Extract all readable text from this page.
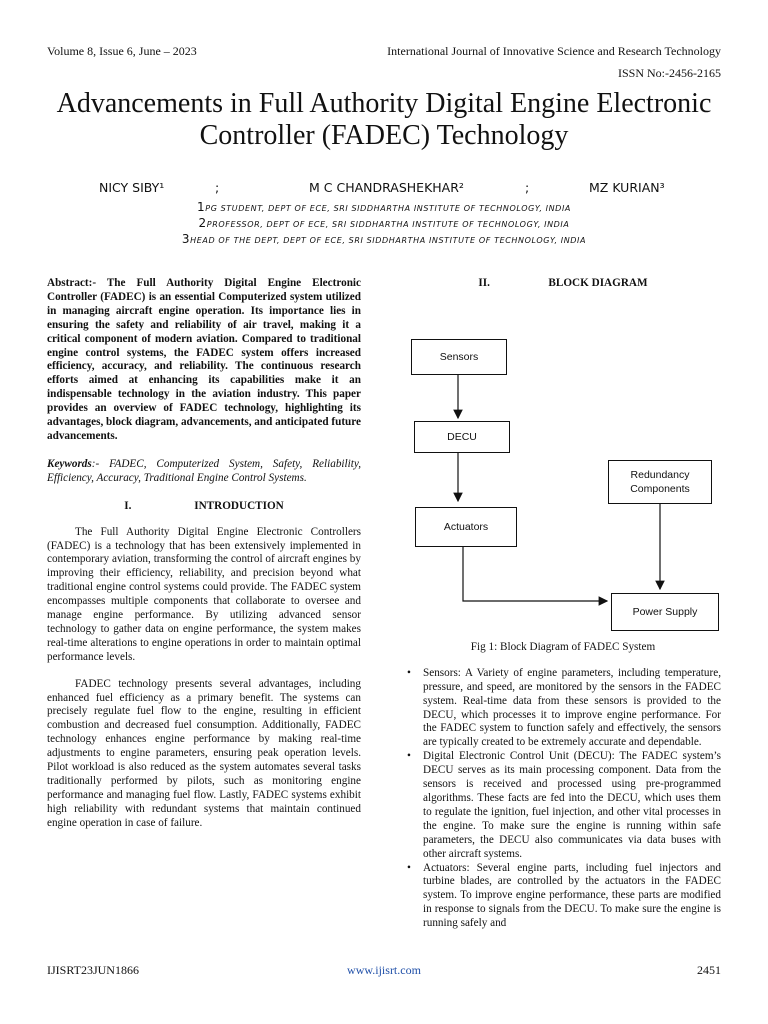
Volume 8, Issue 6, June – 2023	International Journal of Innovative Science and Research Technology
ISSN No:-2456-2165
Advancements in Full Authority Digital Engine Electronic Controller (FADEC) Technology
NICY SIBY¹	;	M C CHANDRASHEKHAR²	;	MZ KURIAN³
1PG STUDENT, DEPT OF ECE, SRI SIDDHARTHA INSTITUTE OF TECHNOLOGY, INDIA
2PROFESSOR, DEPT OF ECE, SRI SIDDHARTHA INSTITUTE OF TECHNOLOGY, INDIA
3HEAD OF THE DEPT, DEPT OF ECE, SRI SIDDHARTHA INSTITUTE OF TECHNOLOGY, INDIA

Abstract:- The Full Authority Digital Engine Electronic Controller (FADEC) is an essential Computerized system utilized in managing aircraft engine operation. Its importance lies in ensuring the safety and reliability of air travel, making it a critical component of modern aviation. Compared to traditional engine control systems, the FADEC system offers increased efficiency, accuracy, and reliability. The continuous research efforts aimed at enhancing its capabilities make it an indispensable technology in the aviation industry. This paper provides an overview of FADEC technology, highlighting its advantages, block diagram, advancements, and anticipated future advancements.

Keywords:- FADEC, Computerized System, Safety, Reliability, Efficiency, Accuracy, Traditional Engine Control Systems.

I.	INTRODUCTION

The Full Authority Digital Engine Electronic Controllers (FADEC) is a technology that has been extensively implemented in contemporary aviation, transforming the control of aircraft engines by improving their efficiency, reliability, and precision beyond what traditional engine control systems could provide. The FADEC system encompasses multiple components that collaborate to oversee and manage engine performance. By utilizing advanced sensor technology to gather data on engine performance, the system makes real-time alterations to engine operations in order to maintain optimal performance levels.

FADEC technology presents several advantages, including enhanced fuel efficiency as a primary benefit. The systems can precisely regulate fuel flow to the engine, resulting in efficient combustion and decreased fuel consumption. Additionally, FADEC technology enhances engine performance by making real-time adjustments to engine parameters, ensuring peak operation levels. Pilot workload is also reduced as the system automates several tasks traditionally performed by pilots, such as monitoring engine performance and managing fuel flow. Lastly, FADEC systems exhibit high reliability with redundant systems that maintain continued engine operation in case of failure.

II.	BLOCK DIAGRAM
Sensors
DECU
Actuators
Redundancy
Components
Power Supply
Fig 1: Block Diagram of FADEC System
• Sensors: A Variety of engine parameters, including temperature, pressure, and speed, are monitored by the sensors in the FADEC system. Real-time data from these sensors is provided to the DECU, which processes it to improve engine performance. For the FADEC system to function safely and effectively, the sensors are typically created to be extremely accurate and dependable.
• Digital Electronic Control Unit (DECU): The FADEC system’s DECU serves as its main processing component. Data from the sensors is received and processed using pre-programmed algorithms. These facts are fed into the DECU, which uses them to regulate the ignition, fuel injection, and other vital processes in the engine. To make sure the engine is running within safe parameters, the DECU also communicates via data buses with other aircraft systems.
• Actuators: Several engine parts, including fuel injectors and turbine blades, are controlled by the actuators in the FADEC system. To improve engine performance, these parts are modified in response to signals from the DECU. To make sure the engine is running safely and
IJISRT23JUN1866	www.ijisrt.com	2451
